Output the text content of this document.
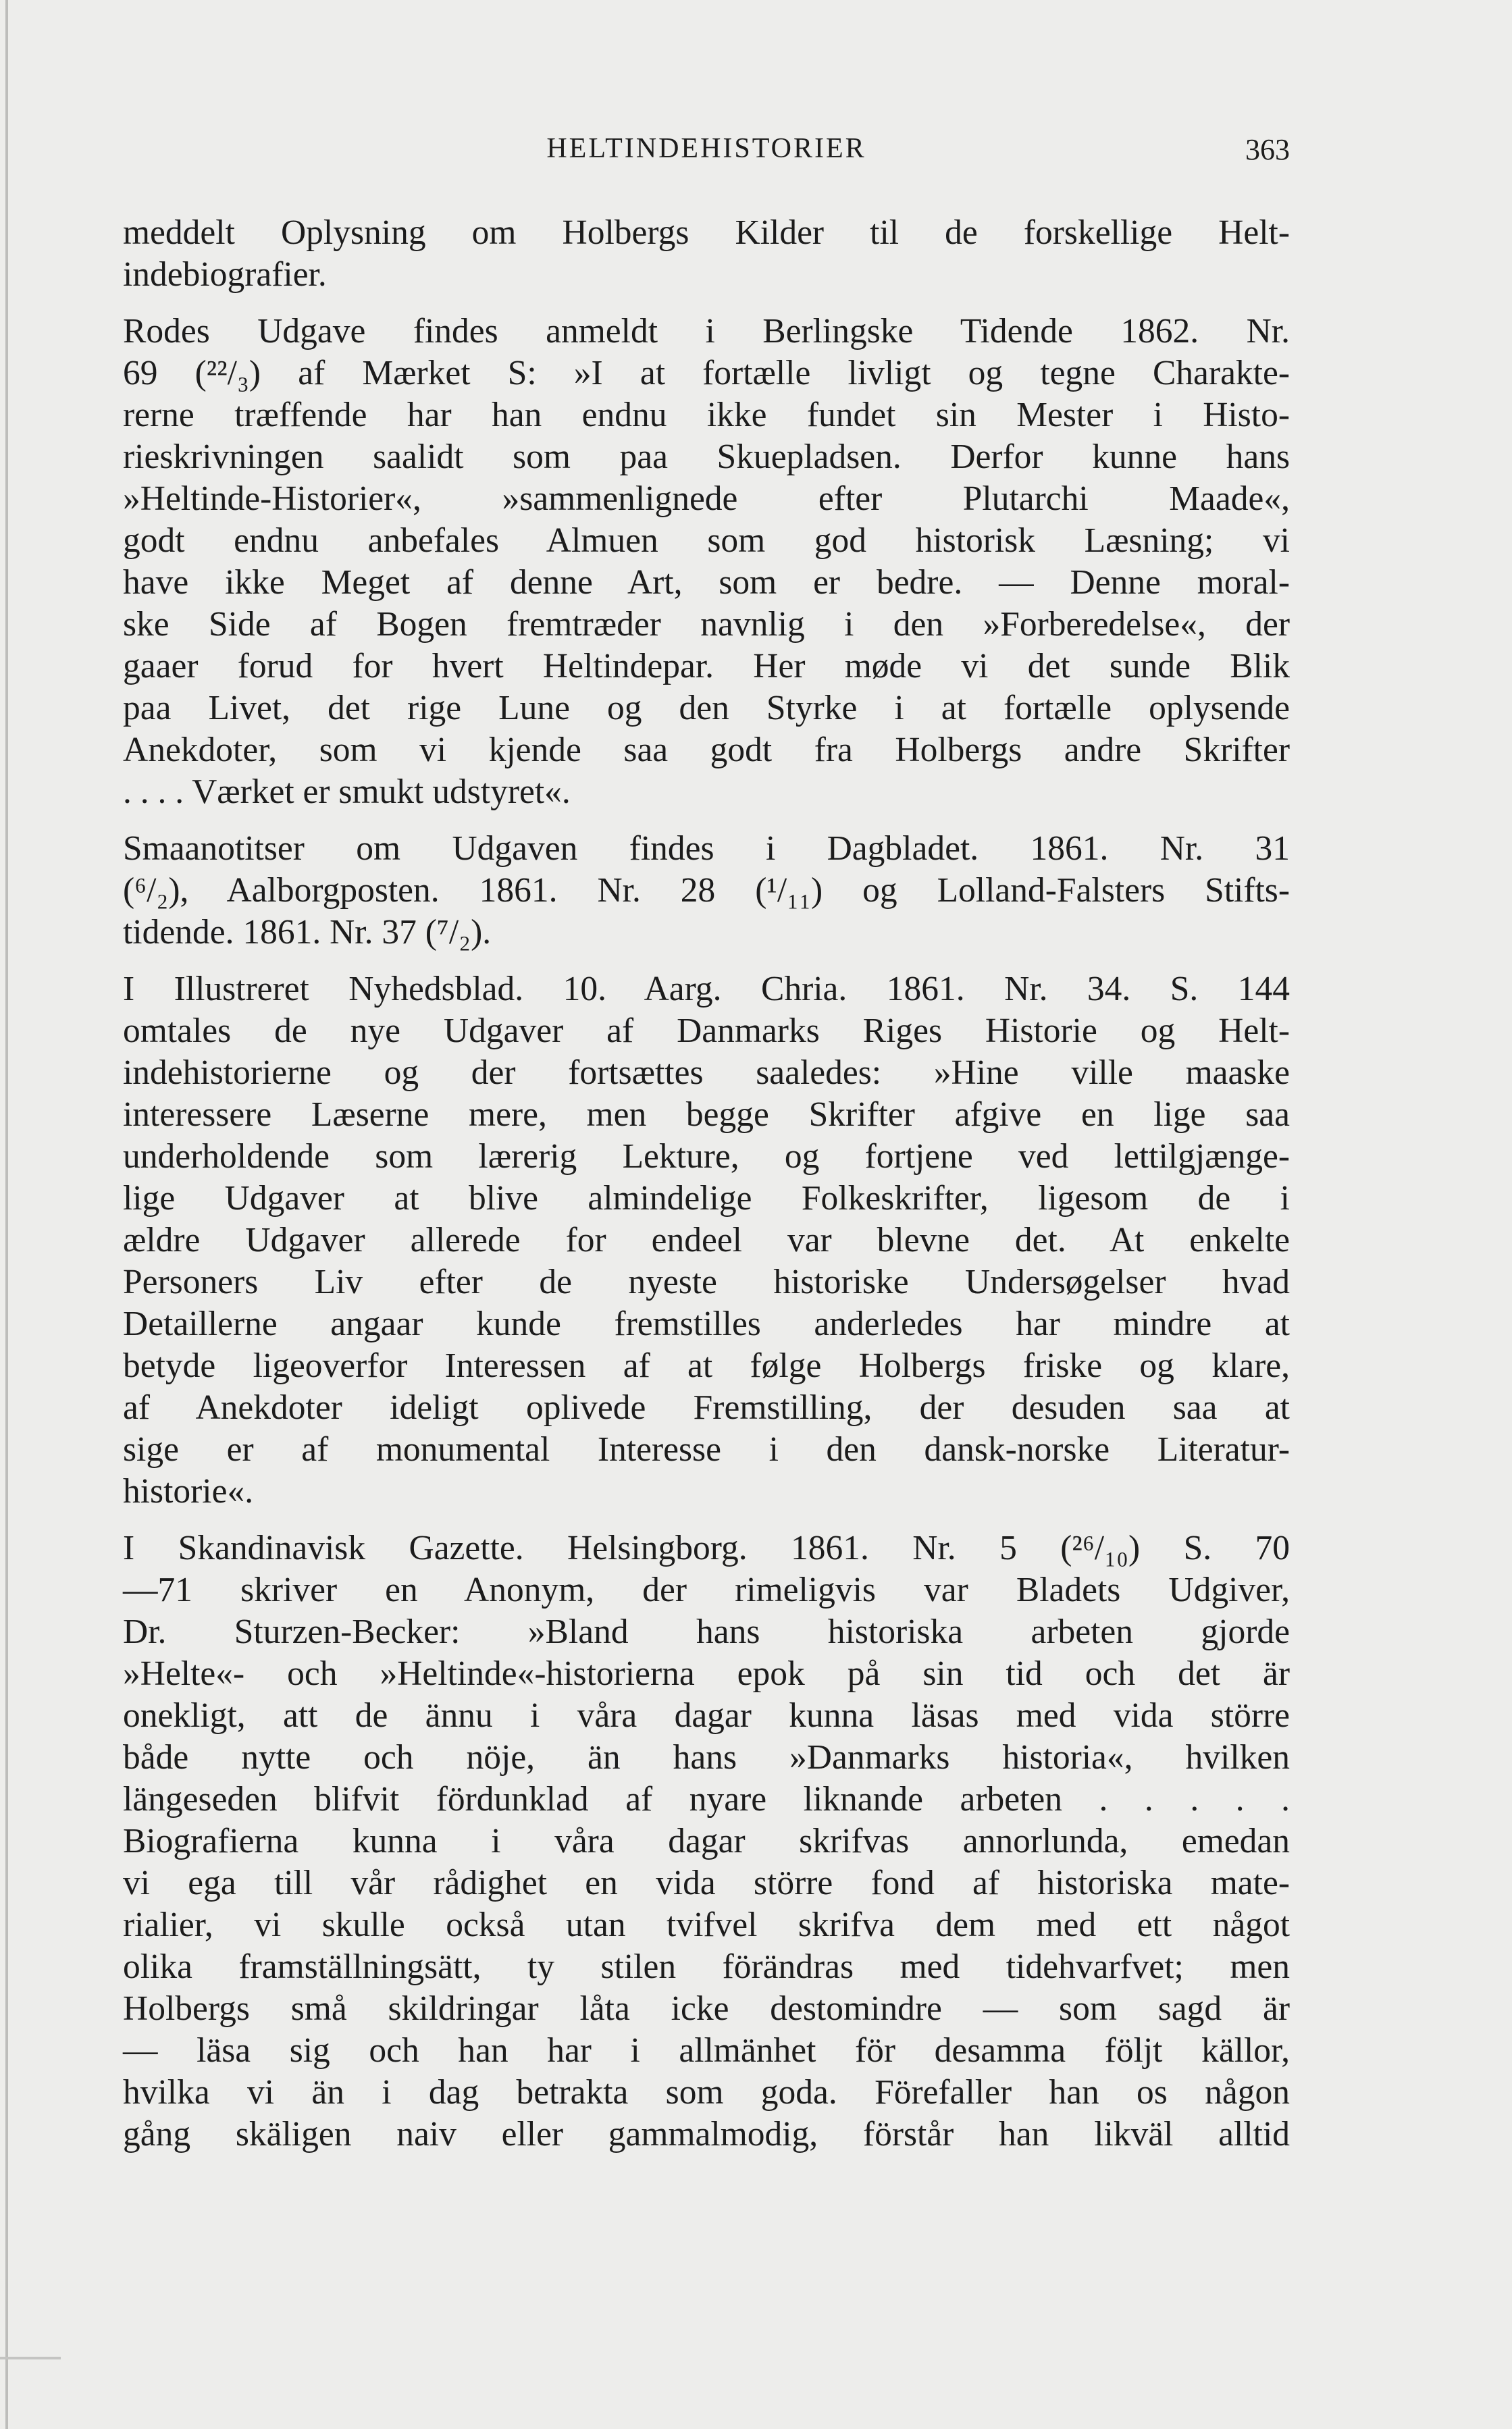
HELTINDEHISTORIER	363
meddelt Oplysning om Holbergs Kilder til de forskellige Helt-
indebiografier.
Rodes Udgave findes anmeldt i Berlingske Tidende 1862. Nr.
69 (²²/₃) af Mærket S: »I at fortælle livligt og tegne Charakte-
rerne træffende har han endnu ikke fundet sin Mester i Histo-
rieskrivningen saalidt som paa Skuepladsen. Derfor kunne hans
»Heltinde-Historier«, »sammenlignede efter Plutarchi Maade«,
godt endnu anbefales Almuen som god historisk Læsning; vi
have ikke Meget af denne Art, som er bedre. — Denne moral-
ske Side af Bogen fremtræder navnlig i den »Forberedelse«, der
gaaer forud for hvert Heltindepar. Her møde vi det sunde Blik
paa Livet, det rige Lune og den Styrke i at fortælle oplysende
Anekdoter, som vi kjende saa godt fra Holbergs andre Skrifter
. . . . Værket er smukt udstyret«.
Smaanotitser om Udgaven findes i Dagbladet. 1861. Nr. 31
(⁶/₂), Aalborgposten. 1861. Nr. 28 (¹/₁₁) og Lolland-Falsters Stifts-
tidende. 1861. Nr. 37 (⁷/₂).
I Illustreret Nyhedsblad. 10. Aarg. Chria. 1861. Nr. 34. S. 144
omtales de nye Udgaver af Danmarks Riges Historie og Helt-
indehistorierne og der fortsættes saaledes: »Hine ville maaske
interessere Læserne mere, men begge Skrifter afgive en lige saa
underholdende som lærerig Lekture, og fortjene ved lettilgjænge-
lige Udgaver at blive almindelige Folkeskrifter, ligesom de i
ældre Udgaver allerede for endeel var blevne det. At enkelte
Personers Liv efter de nyeste historiske Undersøgelser hvad
Detaillerne angaar kunde fremstilles anderledes har mindre at
betyde ligeoverfor Interessen af at følge Holbergs friske og klare,
af Anekdoter ideligt oplivede Fremstilling, der desuden saa at
sige er af monumental Interesse i den dansk-norske Literatur-
historie«.
I Skandinavisk Gazette. Helsingborg. 1861. Nr. 5 (²⁶/₁₀) S. 70
—71 skriver en Anonym, der rimeligvis var Bladets Udgiver,
Dr. Sturzen-Becker: »Bland hans historiska arbeten gjorde
»Helte«- och »Heltinde«-historierna epok på sin tid och det är
onekligt, att de ännu i våra dagar kunna läsas med vida större
både nytte och nöje, än hans »Danmarks historia«, hvilken
längeseden blifvit fördunklad af nyare liknande arbeten . . . . .
Biografierna kunna i våra dagar skrifvas annorlunda, emedan
vi ega till vår rådighet en vida större fond af historiska mate-
rialier, vi skulle också utan tvifvel skrifva dem med ett något
olika framställningsätt, ty stilen förändras med tidehvarfvet; men
Holbergs små skildringar låta icke destomindre — som sagd är
— läsa sig och han har i allmänhet för desamma följt källor,
hvilka vi än i dag betrakta som goda. Förefaller han os någon
gång skäligen naiv eller gammalmodig, förstår han likväl alltid
